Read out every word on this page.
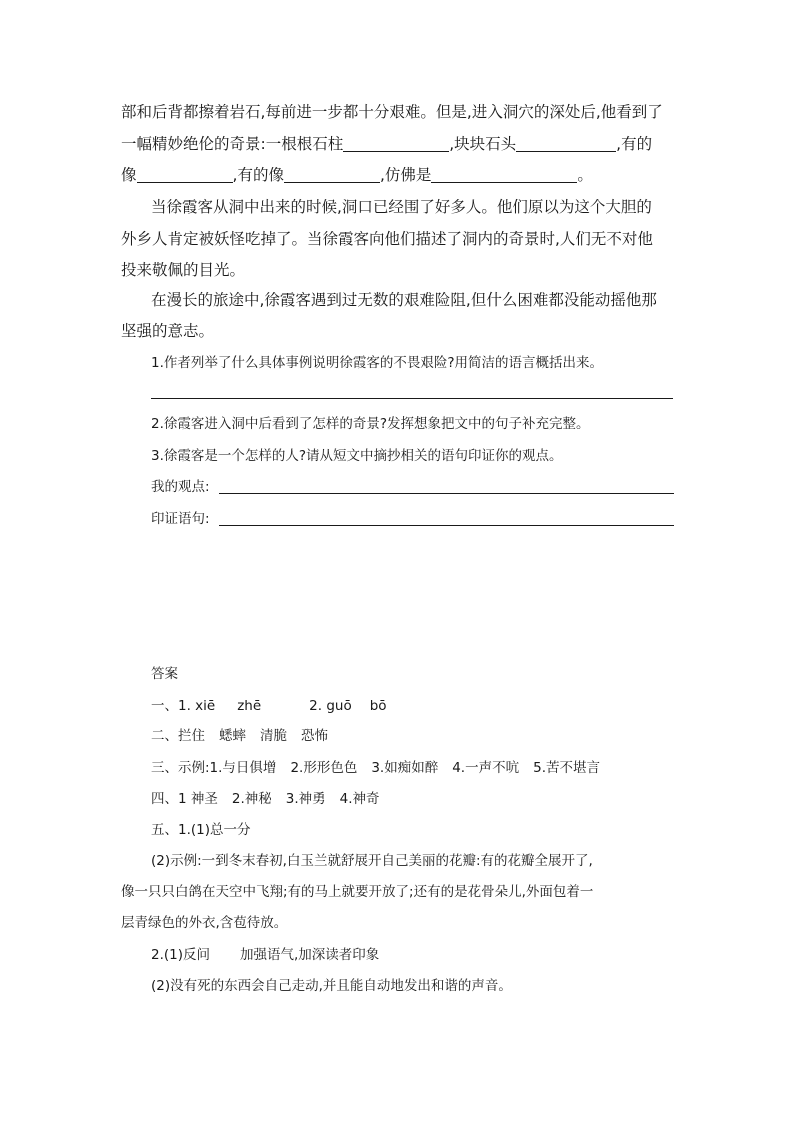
部和后背都擦着岩石,每前进一步都十分艰难。但是,进入洞穴的深处后,他看到了
一幅精妙绝伦的奇景:一根根石柱	,块块石头	,有的
像	,有的像	,仿佛是	。
当徐霞客从洞中出来的时候,洞口已经围了好多人。他们原以为这个大胆的
外乡人肯定被妖怪吃掉了。当徐霞客向他们描述了洞内的奇景时,人们无不对他
投来敬佩的目光。
在漫长的旅途中,徐霞客遇到过无数的艰难险阻,但什么困难都没能动摇他那
坚强的意志。
1.作者列举了什么具体事例说明徐霞客的不畏艰险?用简洁的语言概括出来。
2.徐霞客进入洞中后看到了怎样的奇景?发挥想象把文中的句子补充完整。
3.徐霞客是一个怎样的人?请从短文中摘抄相关的语句印证你的观点。
我的观点:
印证语句:
答案
一、1. xiē zhē	2. guō bō
二、拦住 蟋蟀 清脆 恐怖
三、示例:1.与日俱增 2.形形色色 3.如痴如醉 4.一声不吭 5.苦不堪言
四、1 神圣 2.神秘 3.神勇 4.神奇
五、1.(1)总一分
(2)示例:一到冬末春初,白玉兰就舒展开自己美丽的花瓣:有的花瓣全展开了,
像一只只白鸽在天空中飞翔;有的马上就要开放了;还有的是花骨朵儿,外面包着一
层青绿色的外衣,含苞待放。
2.(1)反问 加强语气,加深读者印象
(2)没有死的东西会自己走动,并且能自动地发出和谐的声音。
